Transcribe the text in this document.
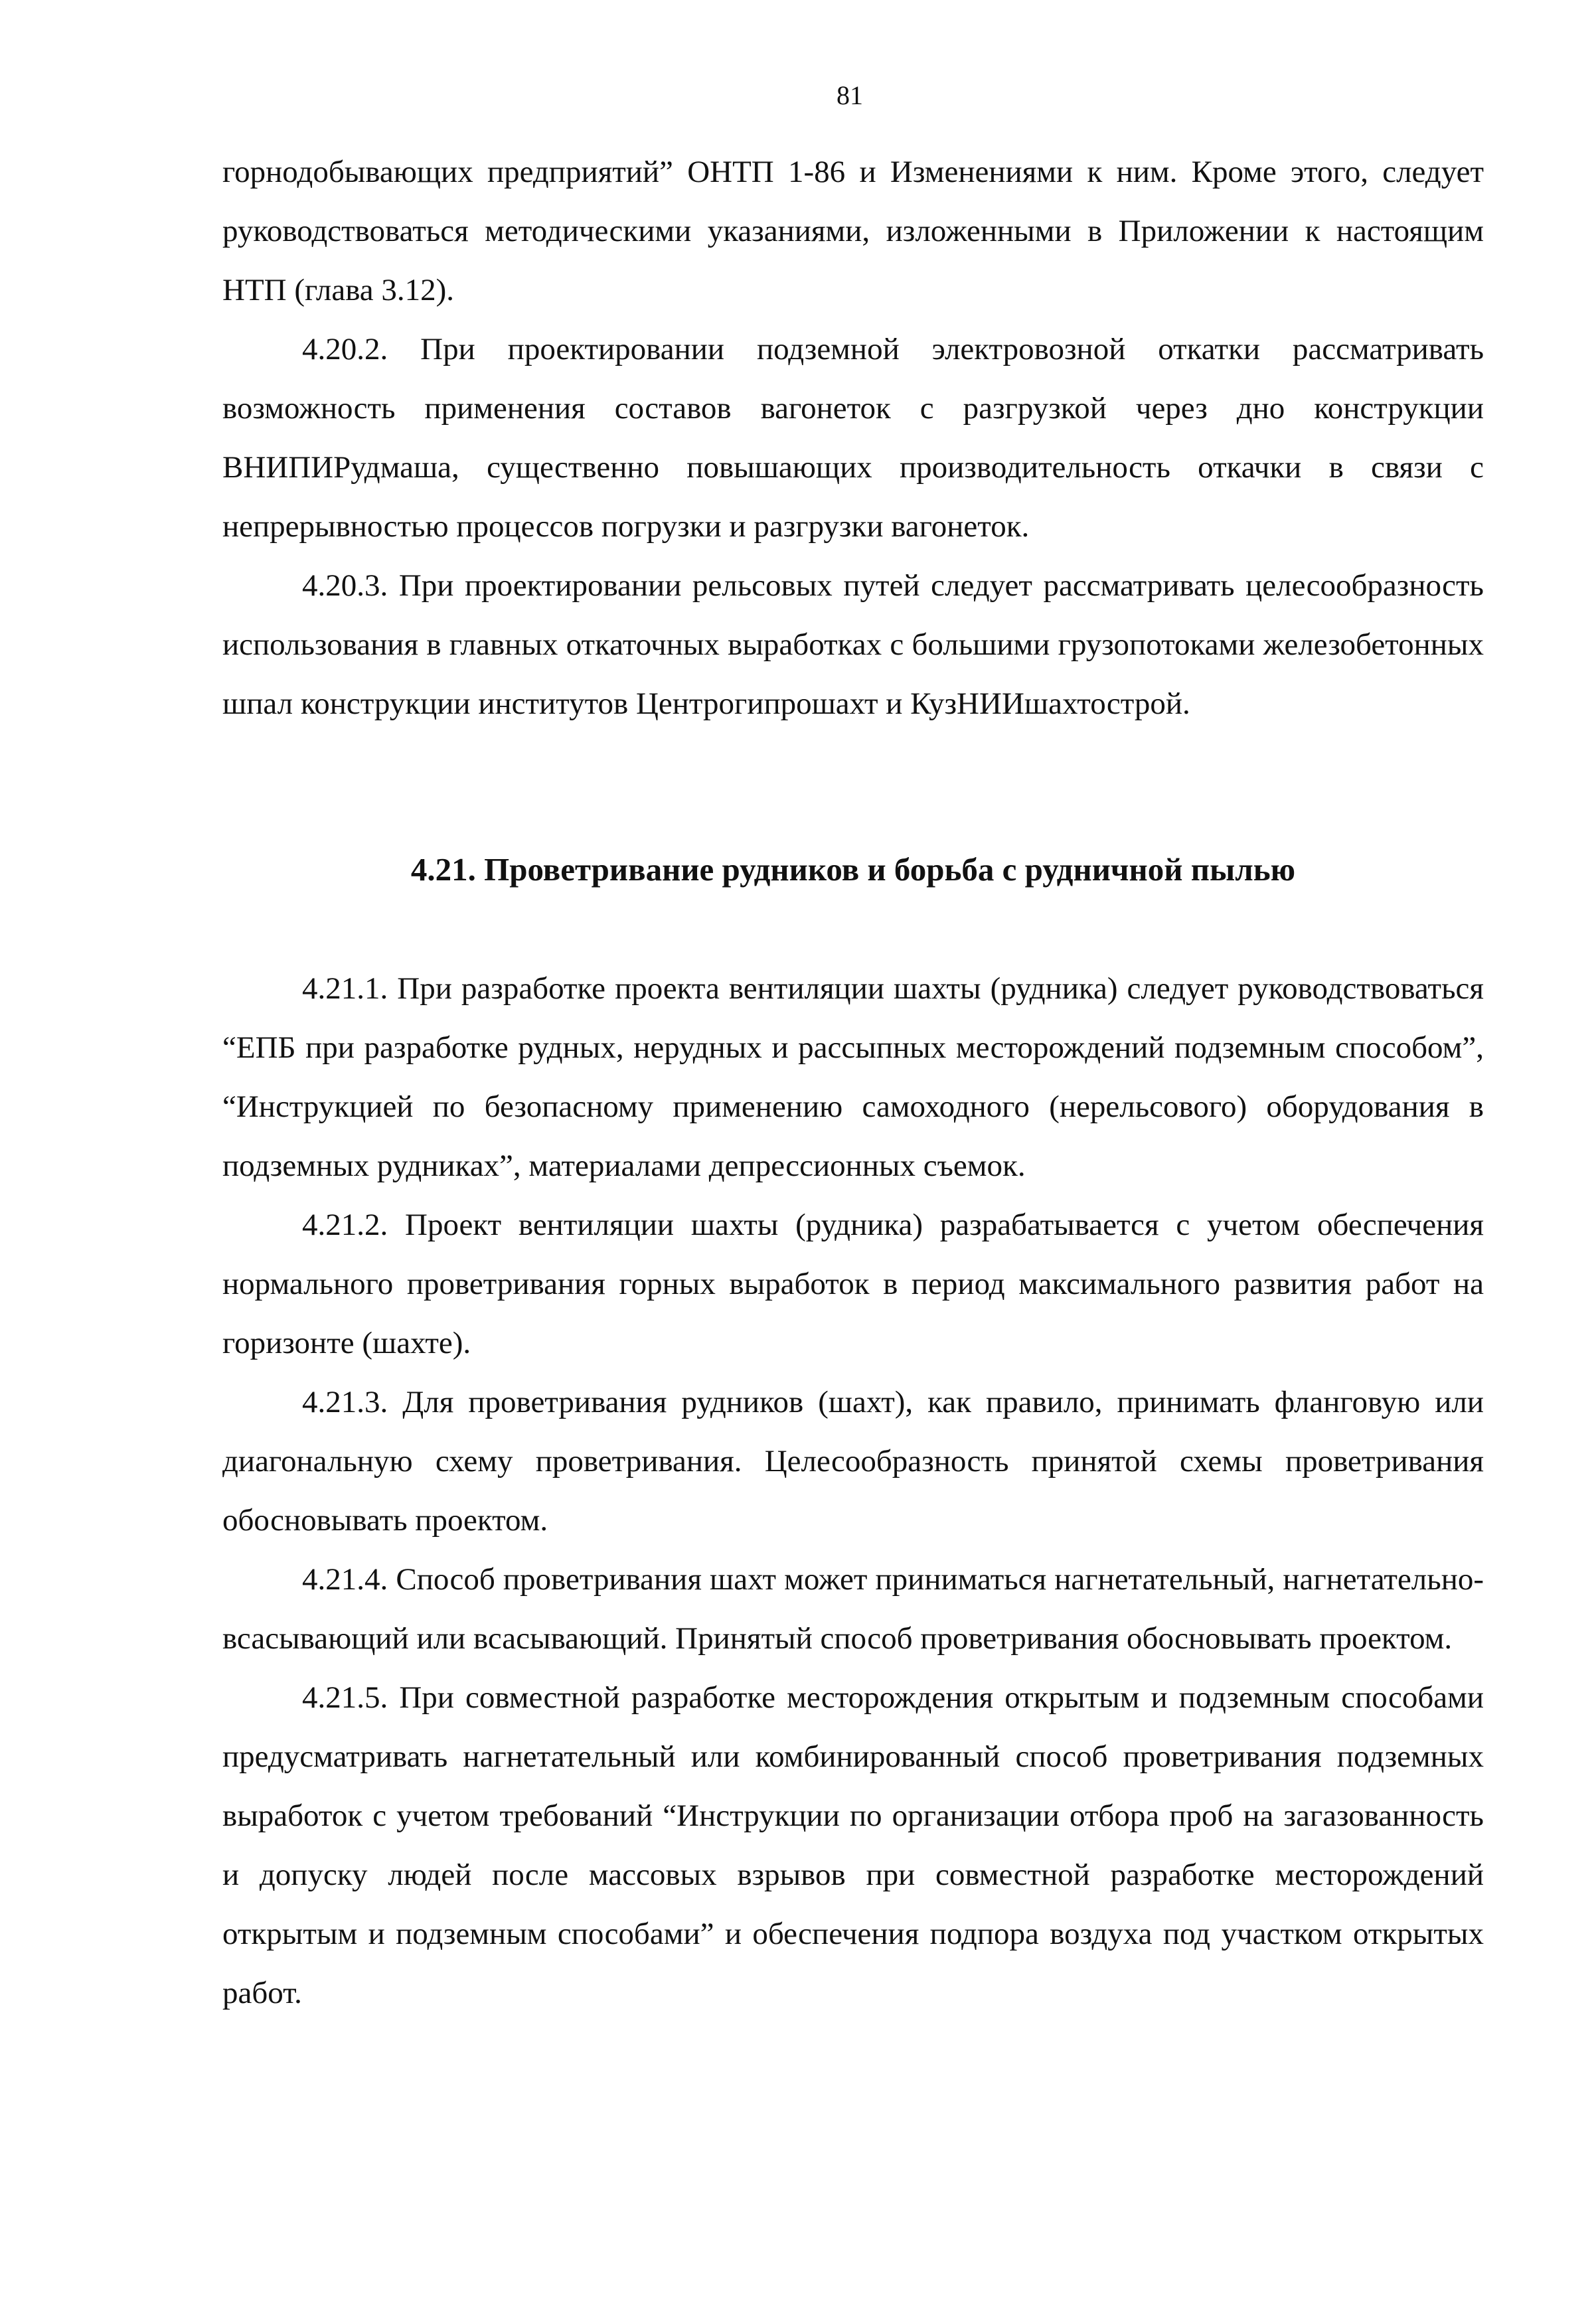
81

горнодобывающих предприятий” ОНТП 1-86 и Изменениями к ним. Кроме этого, следует руководствоваться методическими указаниями, изложенными в Приложении к настоящим НТП (глава 3.12).

4.20.2. При проектировании подземной электровозной откатки рассматривать возможность применения составов вагонеток с разгрузкой через дно конструкции ВНИПИРудмаша, существенно повышающих производительность откачки в связи с непрерывностью процессов погрузки и разгрузки вагонеток.

4.20.3. При проектировании рельсовых путей следует рассматривать целесообразность использования в главных откаточных выработках с большими грузопотоками железобетонных шпал конструкции институтов Центрогипрошахт и КузНИИшахтострой.

4.21. Проветривание рудников и борьба с рудничной пылью

4.21.1. При разработке проекта вентиляции шахты (рудника) следует руководствоваться “ЕПБ при разработке рудных, нерудных и рассыпных месторождений подземным способом”, “Инструкцией по безопасному применению самоходного (нерельсового) оборудования в подземных рудниках”, материалами депрессионных съемок.

4.21.2. Проект вентиляции шахты (рудника) разрабатывается с учетом обеспечения нормального проветривания горных выработок в период максимального развития работ на горизонте (шахте).

4.21.3. Для проветривания рудников (шахт), как правило, принимать фланговую или диагональную схему проветривания. Целесообразность принятой схемы проветривания обосновывать проектом.

4.21.4. Способ проветривания шахт может приниматься нагнетательный, нагнетательно-всасывающий или всасывающий. Принятый способ проветривания обосновывать проектом.

4.21.5. При совместной разработке месторождения открытым и подземным способами предусматривать нагнетательный или комбинированный способ проветривания подземных выработок с учетом требований “Инструкции по организации отбора проб на загазованность и допуску людей после массовых взрывов при совместной разработке месторождений открытым и подземным способами” и обеспечения подпора воздуха под участком открытых работ.
